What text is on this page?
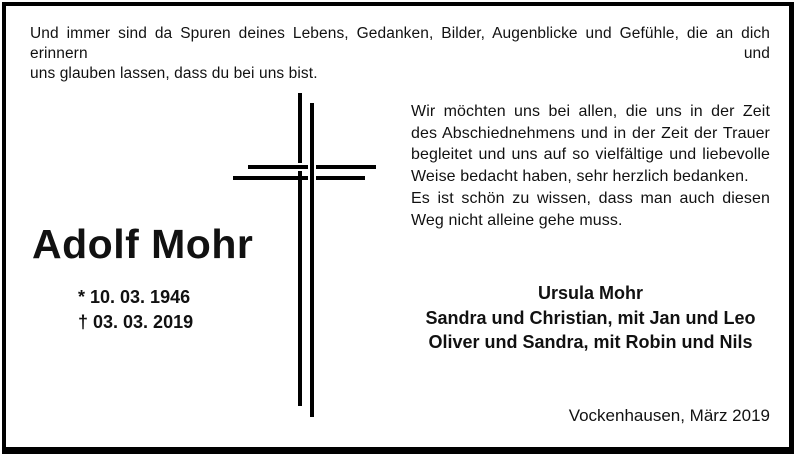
Und immer sind da Spuren deines Lebens, Gedanken, Bilder, Augenblicke und Gefühle, die an dich erinnern und
uns glauben lassen, dass du bei uns bist.
Adolf Mohr
* 10. 03. 1946
† 03. 03. 2019
Wir möchten uns bei allen, die uns in der Zeit
des Abschiednehmens und in der Zeit der Trauer
begleitet und uns auf so vielfältige und liebevolle
Weise bedacht haben, sehr herzlich bedanken.
Es ist schön zu wissen, dass man auch diesen
Weg nicht alleine gehe muss.
Ursula Mohr
Sandra und Christian, mit Jan und Leo
Oliver und Sandra, mit Robin und Nils
Vockenhausen, März 2019
